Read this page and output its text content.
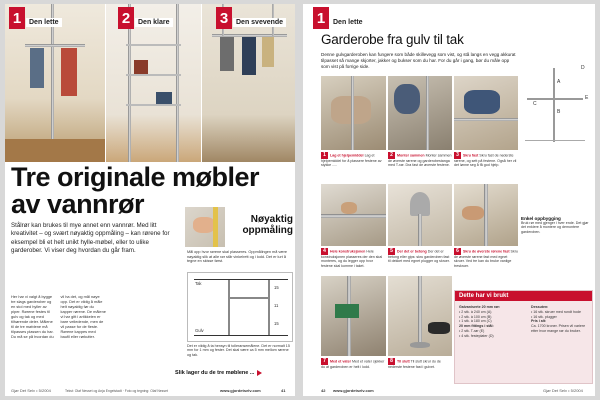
1	Den lette	2	Den klare	3	Den svevende
Tre originale møbler
av vannrør
Stålrør kan brukes til mye annet enn vannrør. Med litt kreativitet – og svært nøyaktig oppmåling – kan rørene for eksempel bli et helt unikt hylle-møbel, eller to ulike garderober. Vi viser deg hvordan du går fram.
Her har vi valgt å bygge tre slags garderober og en stol med hyller av piper. Rørene festes til gulv og tak og med tilhørende deler. Målene til de tre møblene må tilpasses plassen du har. Du må se på hvordan du vil ha det, og mål nøye opp. Det er viktig å måle helt nøyaktig før du kapper rørene. De målene vi har gitt i artikkelen er bare veiledende, men de vil passe for de fleste. Rørene kappes med baufil eller rørkutter.
Nøyaktig
oppmåling
Mål opp hvor rørene skal plasseres. Oppmålingen må være nøyaktig slik at alle rør står vinkelrett og i lodd. Det er lurt å tegne en skisse først.
Tak
Gulv
15
11
15
Det er viktig å ta hensyn til tolleransemålene. Det er normalt 15 mm for 1 mm og fester. Det skal være ca 5 mm mellom rørene og tak.
Slik lager du de tre møblene ...
Gjør Det Selv • 5/2004	Tekst: Olaf Nesset og Anja Engelstadt · Foto og tegning: Olaf Nesset	www.gjordetselv.com	41
1	Den lette
Garderobe fra gulv til tak
Denne gulvgarderoben kan fungere som både skillevegg som vist, og stå langs en vegg akkurat tilpasset så mange skjorter, jakker og bukser som du har. For du går i gang, bør du måle opp som vist på forrige side.	D
A
E
B
C
1 Lag et hjelpemiddel Lag et hjelpemiddel for å plassere festene av stykke .....
2 Monter sammen Monter sammen de øverste rørene og garderobestanga med T-rør. Dra fast de øverste festene.
3 Skru fast Skru fast de nederste rørene, og sett på festene. Også her vil det lønne seg å få god hjelp.
Enkel oppbygging
Bruk rør med gjenger i hver ende. Det gjør det enklere å montere og demontere garderoben.
4 Hele konstruksjonen Hele konstruksjonen plasseres der den skal monteres, og du legger opp hvor festene skal komme i taket.
5 Der det er betong Der det er betong eller gips: skru garderoben fast til dekket med egnet plugger og skruer.
6 Skru de øverste rørene fast Skru de øverste rørene fast med egnet skruer. Ved tre kan du bruke vanlige treskruer.
7 Med et vater Med et vater sjekker du at garderoben er helt i lodd.
8 Til slutt Til slutt skrur du de nederste festene fast i gulvet.
Dette har vi brukt
Galvaniserte 20 mm rør:
• 2 stk. à 240 cm (A)
• 2 stk. à 100 cm (B)
• 1 stk. à 180 cm (C)
20 mm fittings i stål:
• 2 stk. T-rør (E)
• 4 stk. festeplater (D)
Dessuten:
• 16 stk. skruer med rundt hode
• 16 stk. plugger
Pris i alt:
Ca. 1700 kroner. Prisen vil variere etter hvor mange rør du bruker.
42 www.gjordetselv.com	Gjør Det Selv • 5/2004
